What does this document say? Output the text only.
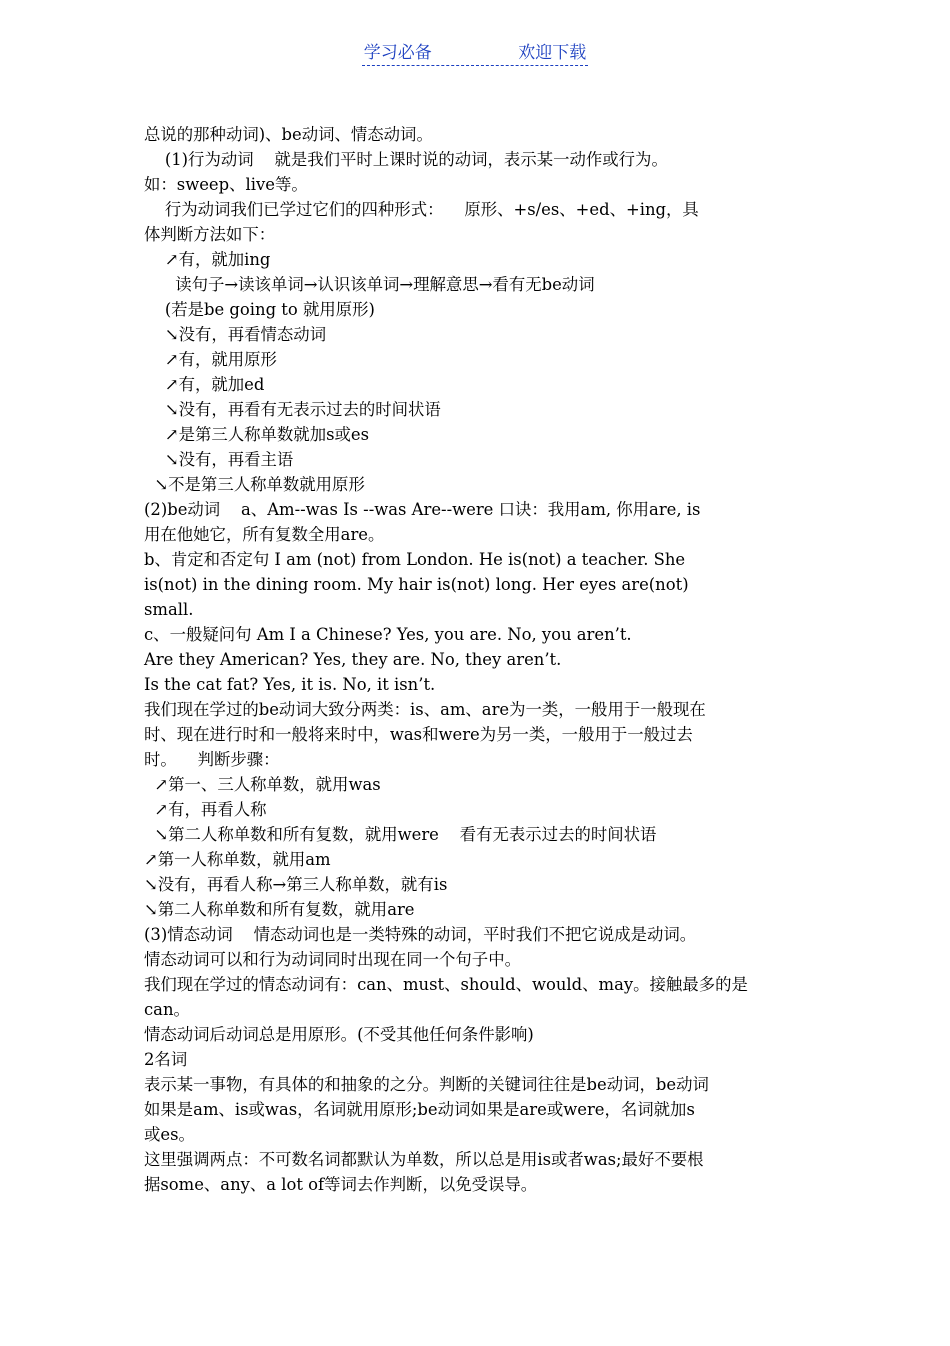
学习必备	欢迎下载
总说的那种动词)、be动词、情态动词。
(1)行为动词    就是我们平时上课时说的动词，表示某一动作或行为。
如：sweep、live等。
行为动词我们已学过它们的四种形式：    原形、+s/es、+ed、+ing，具
体判断方法如下：
↗有，就加ing
读句子→读该单词→认识该单词→理解意思→看有无be动词
(若是be going to 就用原形)
↘没有，再看情态动词
↗有，就用原形
↗有，就加ed
↘没有，再看有无表示过去的时间状语
↗是第三人称单数就加s或es
↘没有，再看主语
↘不是第三人称单数就用原形
(2)be动词    a、Am--was Is --was Are--were 口诀：我用am, 你用are, is
用在他她它，所有复数全用are。
b、肯定和否定句 I am (not) from London. He is(not) a teacher. She
is(not) in the dining room. My hair is(not) long. Her eyes are(not)
small.
c、一般疑问句 Am I a Chinese? Yes, you are. No, you aren’t.
Are they American? Yes, they are. No, they aren’t.
Is the cat fat? Yes, it is. No, it isn’t.
我们现在学过的be动词大致分两类：is、am、are为一类，一般用于一般现在
时、现在进行时和一般将来时中，was和were为另一类，一般用于一般过去
时。    判断步骤：
↗第一、三人称单数，就用was
↗有，再看人称
↘第二人称单数和所有复数，就用were    看有无表示过去的时间状语
↗第一人称单数，就用am
↘没有，再看人称→第三人称单数，就有is
↘第二人称单数和所有复数，就用are
(3)情态动词    情态动词也是一类特殊的动词，平时我们不把它说成是动词。
情态动词可以和行为动词同时出现在同一个句子中。
我们现在学过的情态动词有：can、must、should、would、may。接触最多的是
can。
情态动词后动词总是用原形。(不受其他任何条件影响)
2名词
表示某一事物，有具体的和抽象的之分。判断的关键词往往是be动词，be动词
如果是am、is或was，名词就用原形;be动词如果是are或were，名词就加s
或es。
这里强调两点：不可数名词都默认为单数，所以总是用is或者was;最好不要根
据some、any、a lot of等词去作判断，以免受误导。
